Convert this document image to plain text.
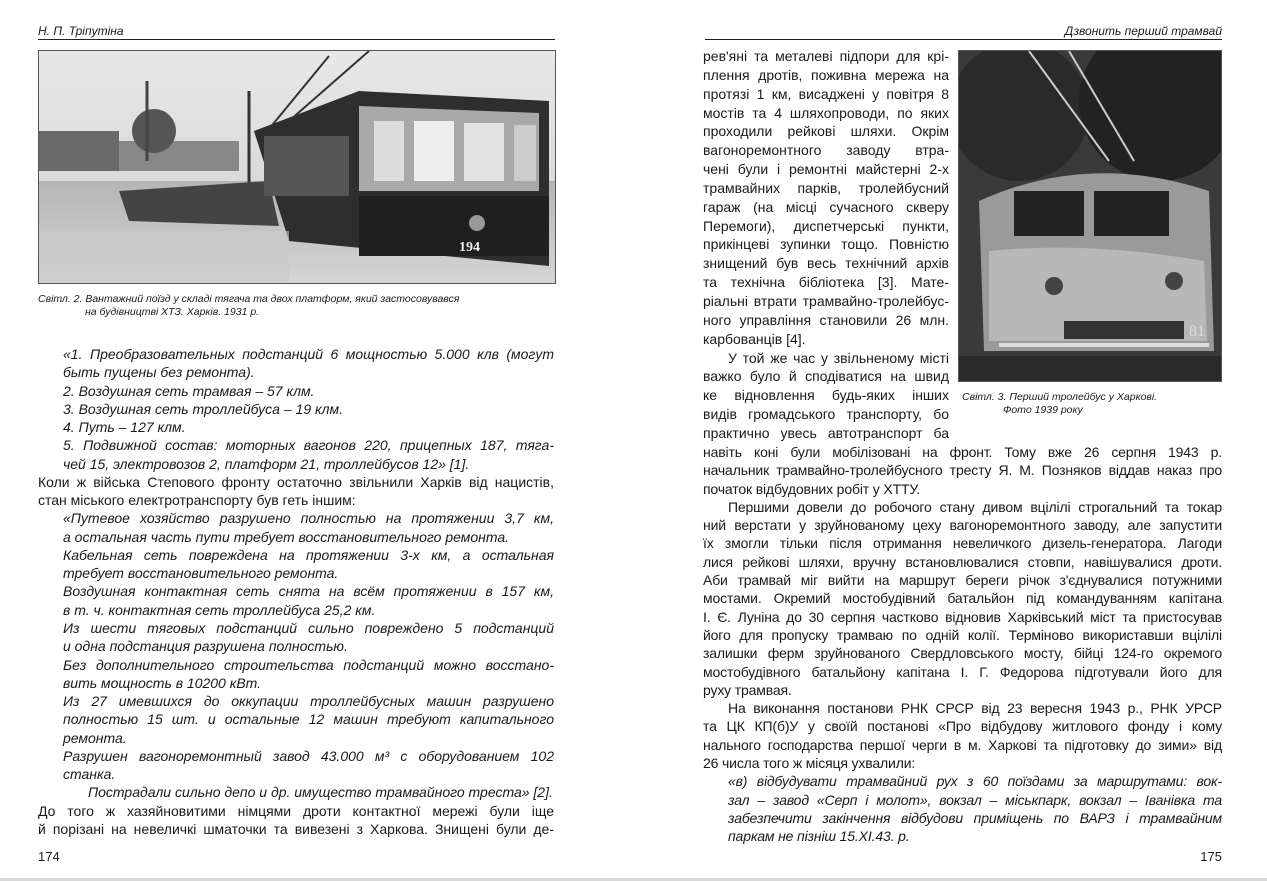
Н. П. Тріпутіна
194
Світл. 2. Вантажний поїзд у складі тягача та двох платформ, який застосовувався
на будівництві ХТЗ. Харків. 1931 р.
«1. Преобразовательных подстанций 6 мощностью 5.000 клв (могут
быть пущены без ремонта).
2. Воздушная сеть трамвая – 57 клм.
3. Воздушная сеть троллейбуса – 19 клм.
4. Путь – 127 клм.
5. Подвижной состав: моторных вагонов 220, прицепных 187, тяга-
чей 15, электровозов 2, платформ 21, троллейбусов 12» [1].
Коли ж війська Степового фронту остаточно звільнили Харків від нацистів,
стан міського електротранспорту був геть іншим:
«Путевое хозяйство разрушено полностью на протяжении 3,7 км,
а остальная часть пути требует восстановительного ремонта.
Кабельная сеть повреждена на протяжении 3-х км, а остальная
требует восстановительного ремонта.
Воздушная контактная сеть снята на всём протяжении в 157 км,
в т. ч. контактная сеть троллейбуса 25,2 км.
Из шести тяговых подстанций сильно повреждено 5 подстанций
и одна подстанция разрушена полностью.
Без дополнительного строительства подстанций можно восстано-
вить мощность в 10200 кВт.
Из 27 имевшихся до оккупации троллейбусных машин разрушено
полностью 15 шт. и остальные 12 машин требуют капитального
ремонта.
Разрушен вагоноремонтный завод 43.000 м³ с оборудованием 102
станка.
Пострадали сильно депо и др. имущество трамвайного треста» [2].
До того ж хазяйновитими німцями дроти контактної мережі були іще
й порізані на невеличкі шматочки та вивезені з Харкова. Знищені були де-
174
Дзвонить перший трамвай
81
Світл. 3. Перший тролейбус у Харкові.
Фото 1939 року
рев'яні та металеві підпори для крі-
плення дротів, поживна мережа на
протязі 1 км, висаджені у повітря 8
мостів та 4 шляхопроводи, по яких
проходили рейкові шляхи. Окрім
вагоноремонтного заводу втра-
чені були і ремонтні майстерні 2-х
трамвайних парків, тролейбусний
гараж (на місці сучасного скверу
Перемоги), диспетчерські пункти,
прикінцеві зупинки тощо. Повністю
знищений був весь технічний архів
та технічна бібліотека [3]. Мате-
ріальні втрати трамвайно-тролейбус-
ного управління становили 26 млн.
карбованців [4].
У той же час у звільненому місті
важко було й сподіватися на швид
ке відновлення будь-яких інших
видів громадського транспорту, бо
практично увесь автотранспорт ба
навіть коні були мобілізовані на фронт. Тому вже 26 серпня 1943 р.
начальник трамвайно-тролейбусного тресту Я. М. Позняков віддав наказ про
початок відбудовних робіт у ХТТУ.
Першими довели до робочого стану дивом вцілілі строгальний та токар
ний верстати у зруйнованому цеху вагоноремонтного заводу, але запустити
їх змогли тільки після отримання невеличкого дизель-генератора. Лагоди
лися рейкові шляхи, вручну встановлювалися стовпи, навішувалися дроти.
Аби трамвай міг вийти на маршрут береги річок з'єднувалися потужними
мостами. Окремий мостобудівний батальйон під командуванням капітана
І. Є. Луніна до 30 серпня частково відновив Харківський міст та пристосував
його для пропуску трамваю по одній колії. Терміново використавши вцілілі
залишки ферм зруйнованого Свердловського мосту, бійці 124-го окремого
мостобудівного батальйону капітана І. Г. Федорова підготували його для
руху трамвая.
На виконання постанови РНК СРСР від 23 вересня 1943 р., РНК УРСР
та ЦК КП(б)У у своїй постанові «Про відбудову житлового фонду і кому
нального господарства першої черги в м. Харкові та підготовку до зими» від
26 числа того ж місяця ухвалили:
«в) відбудувати трамвайний рух з 60 поїздами за маршрутами: вок-
зал – завод «Серп і молот», вокзал – міськпарк, вокзал – Іванівка та
забезпечити закінчення відбудови приміщень по ВАРЗ і трамвайним
паркам не пізніш 15.XI.43. р.
175
